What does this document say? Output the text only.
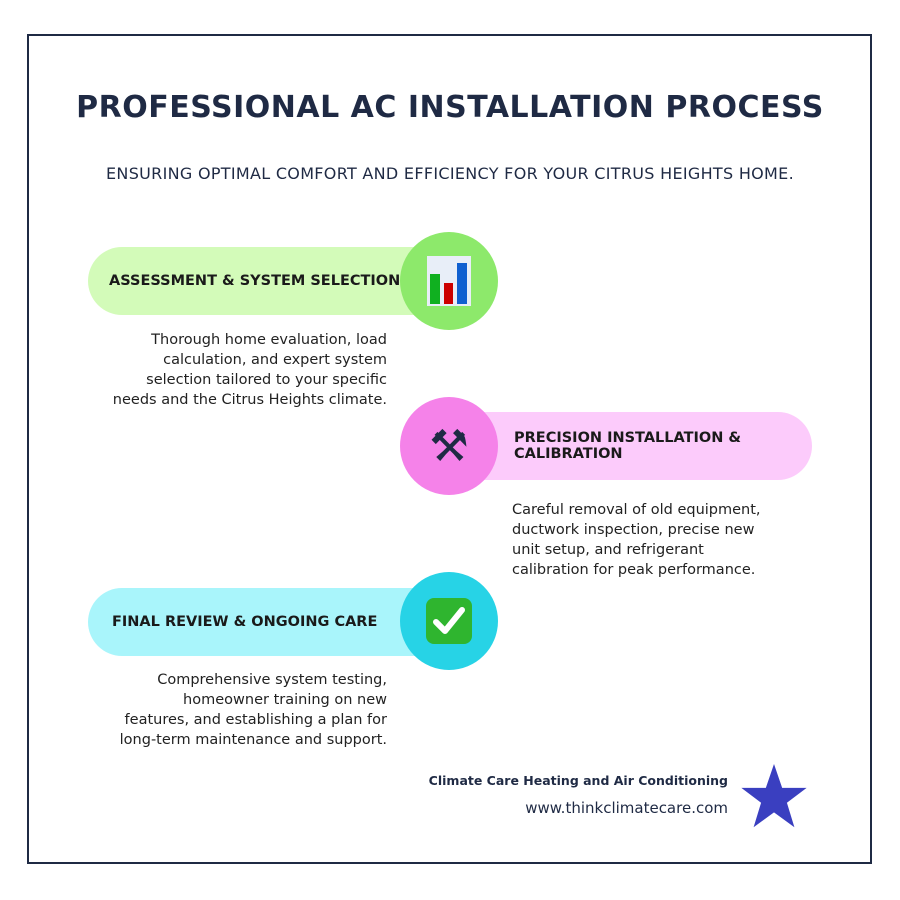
PROFESSIONAL AC INSTALLATION PROCESS
ENSURING OPTIMAL COMFORT AND EFFICIENCY FOR YOUR CITRUS HEIGHTS HOME.
ASSESSMENT & SYSTEM SELECTION
Thorough home evaluation, load
calculation, and expert system
selection tailored to your specific
needs and the Citrus Heights climate.
PRECISION INSTALLATION & CALIBRATION
⚒
Careful removal of old equipment,
ductwork inspection, precise new
unit setup, and refrigerant
calibration for peak performance.
FINAL REVIEW & ONGOING CARE
Comprehensive system testing,
homeowner training on new
features, and establishing a plan for
long-term maintenance and support.
Climate Care Heating and Air Conditioning
www.thinkclimatecare.com
